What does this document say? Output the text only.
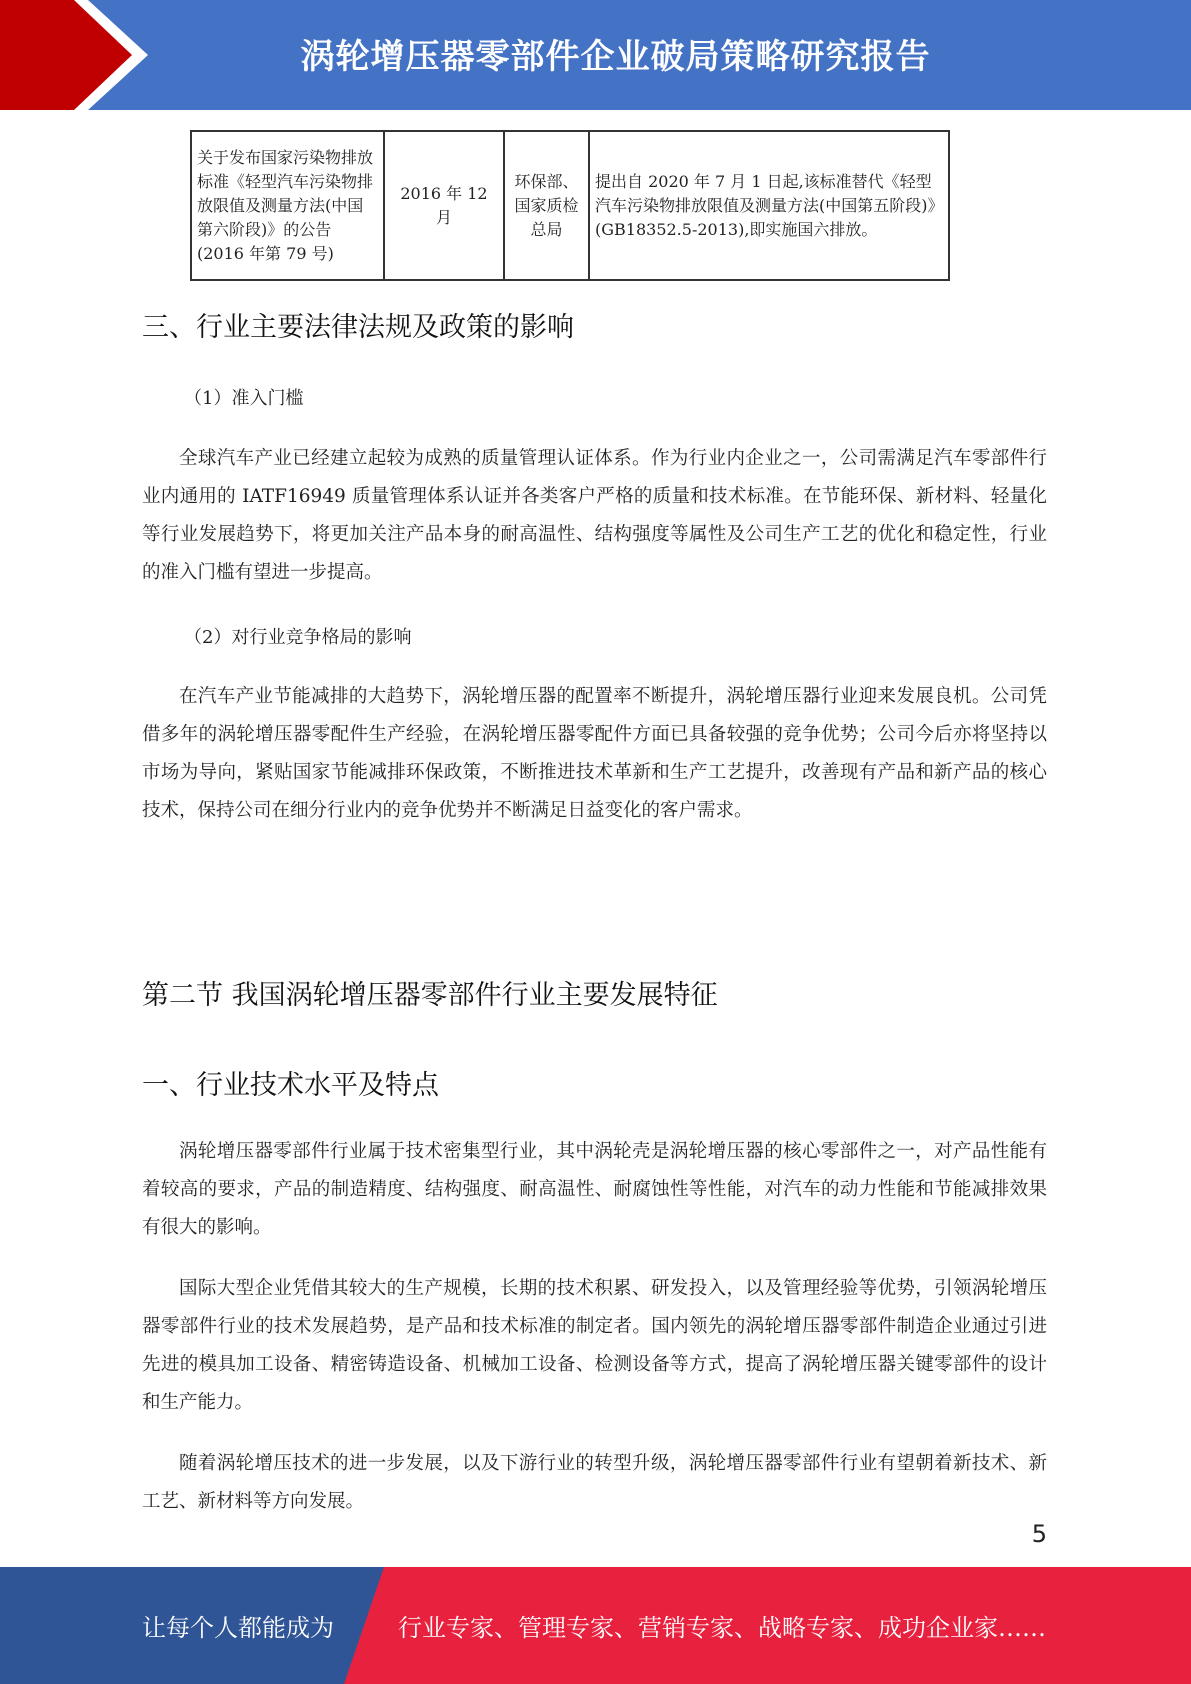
涡轮增压器零部件企业破局策略研究报告
关于发布国家污染物排放标准《轻型汽车污染物排放限值及测量方法(中国第六阶段)》的公告(2016 年第 79 号)	2016 年 12 月	环保部、国家质检总局	提出自 2020 年 7 月 1 日起,该标准替代《轻型汽车污染物排放限值及测量方法(中国第五阶段)》(GB18352.5-2013),即实施国六排放。
三、行业主要法律法规及政策的影响

（1）准入门槛

全球汽车产业已经建立起较为成熟的质量管理认证体系。作为行业内企业之一，公司需满足汽车零部件行业内通用的 IATF16949 质量管理体系认证并各类客户严格的质量和技术标准。在节能环保、新材料、轻量化等行业发展趋势下，将更加关注产品本身的耐高温性、结构强度等属性及公司生产工艺的优化和稳定性，行业的准入门槛有望进一步提高。

（2）对行业竞争格局的影响

在汽车产业节能减排的大趋势下，涡轮增压器的配置率不断提升，涡轮增压器行业迎来发展良机。公司凭借多年的涡轮增压器零配件生产经验，在涡轮增压器零配件方面已具备较强的竞争优势；公司今后亦将坚持以市场为导向，紧贴国家节能减排环保政策，不断推进技术革新和生产工艺提升，改善现有产品和新产品的核心技术，保持公司在细分行业内的竞争优势并不断满足日益变化的客户需求。

第二节 我国涡轮增压器零部件行业主要发展特征
一、行业技术水平及特点

涡轮增压器零部件行业属于技术密集型行业，其中涡轮壳是涡轮增压器的核心零部件之一，对产品性能有着较高的要求，产品的制造精度、结构强度、耐高温性、耐腐蚀性等性能，对汽车的动力性能和节能减排效果有很大的影响。

国际大型企业凭借其较大的生产规模，长期的技术积累、研发投入，以及管理经验等优势，引领涡轮增压器零部件行业的技术发展趋势，是产品和技术标准的制定者。国内领先的涡轮增压器零部件制造企业通过引进先进的模具加工设备、精密铸造设备、机械加工设备、检测设备等方式，提高了涡轮增压器关键零部件的设计和生产能力。

随着涡轮增压技术的进一步发展，以及下游行业的转型升级，涡轮增压器零部件行业有望朝着新技术、新工艺、新材料等方向发展。

5
让每个人都能成为	行业专家、管理专家、营销专家、战略专家、成功企业家……
